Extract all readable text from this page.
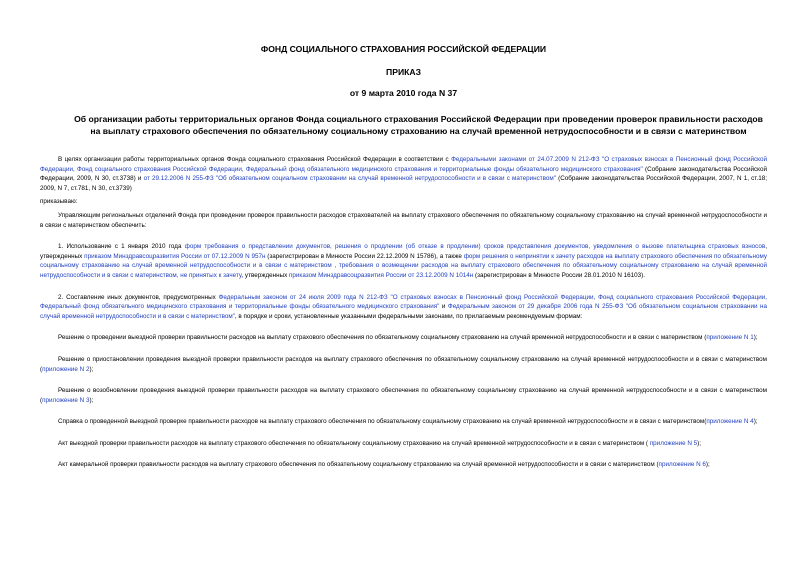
ФОНД СОЦИАЛЬНОГО СТРАХОВАНИЯ РОССИЙСКОЙ ФЕДЕРАЦИИ
ПРИКАЗ
от 9 марта 2010 года N 37
Об организации работы территориальных органов Фонда социального страхования Российской Федерации при проведении проверок правильности расходов на выплату страхового обеспечения по обязательному социальному страхованию на случай временной нетрудоспособности и в связи с материнством

В целях организации работы территориальных органов Фонда социального страхования Российской Федерации в соответствии с Федеральными законами от 24.07.2009 N 212-ФЗ "О страховых взносах в Пенсионный фонд Российской Федерации, Фонд социального страхования Российской Федерации, Федеральный фонд обязательного медицинского страхования и территориальные фонды обязательного медицинского страхования" (Собрание законодательства Российской Федерации, 2009, N 30, ст.3738) и от 29.12.2006 N 255-ФЗ "Об обязательном социальном страховании на случай временной нетрудоспособности и в связи с материнством" (Собрание законодательства Российской Федерации, 2007, N 1, ст.18; 2009, N 7, ст.781, N 30, ст.3739)

приказываю:

Управляющим региональных отделений Фонда при проведении проверок правильности расходов страхователей на выплату страхового обеспечения по обязательному социальному страхованию на случай временной нетрудоспособности и в связи с материнством обеспечить:

1. Использование с 1 января 2010 года форм требования о представлении документов, решения о продлении (об отказе в продлении) сроков представления документов, уведомления о вызове плательщика страховых взносов, утвержденных приказом Минздравсоцразвития России от 07.12.2009 N 957н (зарегистрирован в Минюсте России 22.12.2009 N 15786), а также форм решения о непринятии к зачету расходов на выплату страхового обеспечения по обязательному социальному страхованию на случай временной нетрудоспособности и в связи с материнством , требования о возмещении расходов на выплату страхового обеспечения по обязательному социальному страхованию на случай временной нетрудоспособности и в связи с материнством, не принятых к зачету, утвержденных приказом Минздравсоцразвития России от 23.12.2009 N 1014н (зарегистрирован в Минюсте России 28.01.2010 N 16103).

2. Составление иных документов, предусмотренных Федеральным законом от 24 июля 2009 года N 212-ФЗ "О страховых взносах в Пенсионный фонд Российской Федерации, Фонд социального страхования Российской Федерации, Федеральный фонд обязательного медицинского страхования и территориальные фонды обязательного медицинского страхования" и Федеральным законом от 29 декабря 2006 года N 255-ФЗ "Об обязательном социальном страховании на случай временной нетрудоспособности и в связи с материнством", в порядке и сроки, установленные указанными федеральными законами, по прилагаемым рекомендуемым формам:

Решение о проведении выездной проверки правильности расходов на выплату страхового обеспечения по обязательному социальному страхованию на случай временной нетрудоспособности и в связи с материнством (приложение N 1);

Решение о приостановлении проведения выездной проверки правильности расходов на выплату страхового обеспечения по обязательному социальному страхованию на случай временной нетрудоспособности и в связи с материнством (приложение N 2);

Решение о возобновлении проведения выездной проверки правильности расходов на выплату страхового обеспечения по обязательному социальному страхованию на случай временной нетрудоспособности и в связи с материнством (приложение N 3);

Справка о проведенной выездной проверке правильности расходов на выплату страхового обеспечения по обязательному социальному страхованию на случай временной нетрудоспособности и в связи с материнством(приложение N 4);

Акт выездной проверки правильности расходов на выплату страхового обеспечения по обязательному социальному страхованию на случай временной нетрудоспособности и в связи с материнством ( приложение N 5);

Акт камеральной проверки правильности расходов на выплату страхового обеспечения по обязательному социальному страхованию на случай временной нетрудоспособности и в связи с материнством (приложение N 6);
